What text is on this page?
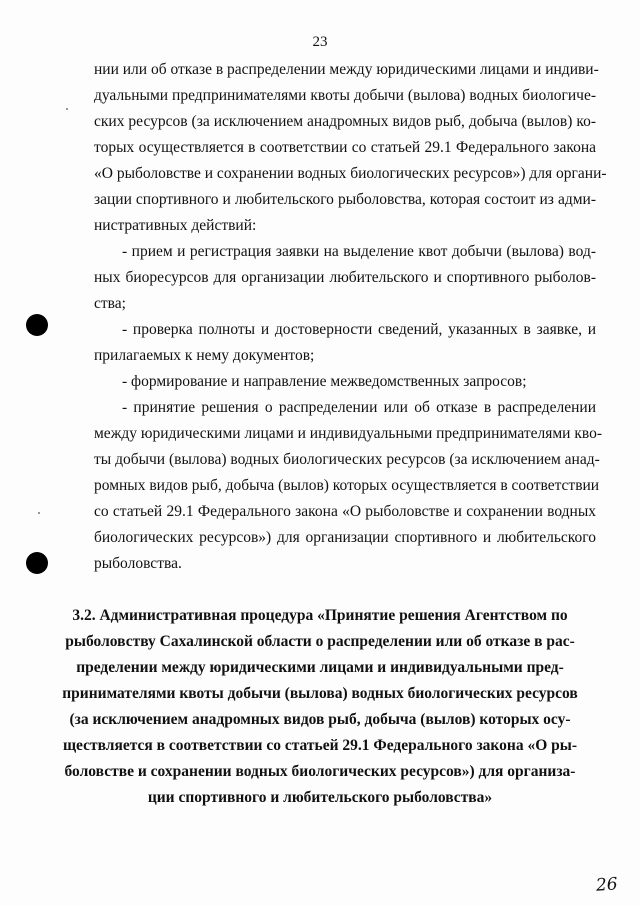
23
нии или об отказе в распределении между юридическими лицами и индиви-
дуальными предпринимателями квоты добычи (вылова) водных биологиче-
ских ресурсов (за исключением анадромных видов рыб, добыча (вылов) ко-
торых осуществляется в соответствии со статьей 29.1 Федерального закона
«О рыболовстве и сохранении водных биологических ресурсов») для органи-
зации спортивного и любительского рыболовства, которая состоит из адми-
нистративных действий:
- прием и регистрация заявки на выделение квот добычи (вылова) вод-
ных биоресурсов для организации любительского и спортивного рыболов-
ства;
- проверка полноты и достоверности сведений, указанных в заявке, и
прилагаемых к нему документов;
- формирование и направление межведомственных запросов;
- принятие решения о распределении или об отказе в распределении
между юридическими лицами и индивидуальными предпринимателями кво-
ты добычи (вылова) водных биологических ресурсов (за исключением анад-
ромных видов рыб, добыча (вылов) которых осуществляется в соответствии
со статьей 29.1 Федерального закона «О рыболовстве и сохранении водных
биологических ресурсов») для организации спортивного и любительского
рыболовства.
3.2. Административная процедура «Принятие решения Агентством по
рыболовству Сахалинской области о распределении или об отказе в рас-
пределении между юридическими лицами и индивидуальными пред-
принимателями квоты добычи (вылова) водных биологических ресурсов
(за исключением анадромных видов рыб, добыча (вылов) которых осу-
ществляется в соответствии со статьей 29.1 Федерального закона «О ры-
боловстве и сохранении водных биологических ресурсов») для организа-
ции спортивного и любительского рыболовства»
26
